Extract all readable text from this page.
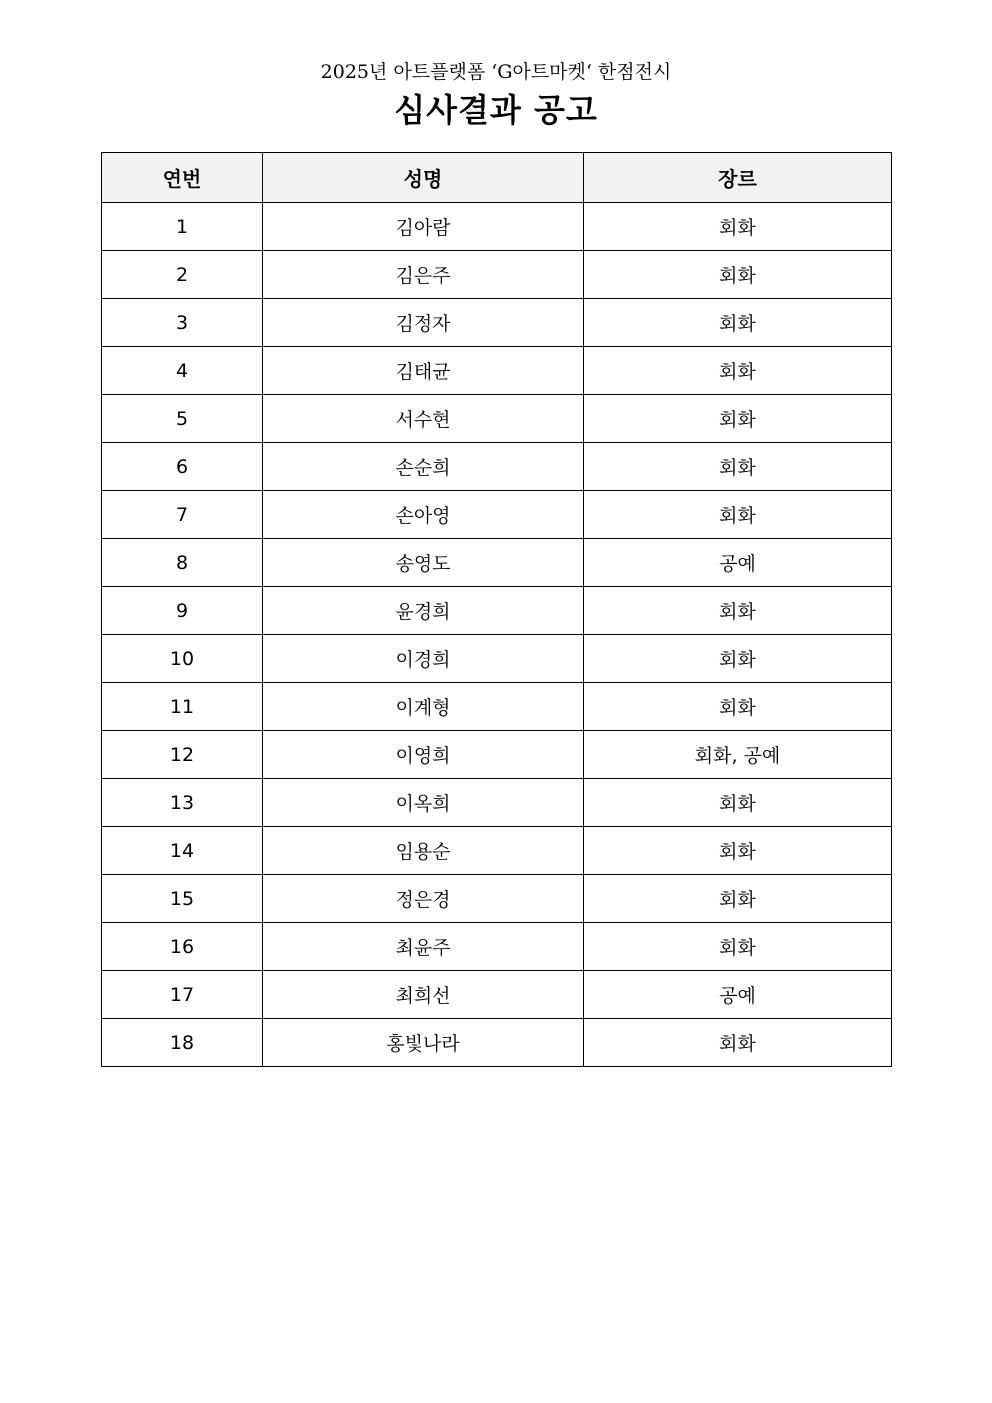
2025년 아트플랫폼 ‘G아트마켓‘ 한점전시
심사결과 공고
연번	성명	장르
1	김아람	회화
2	김은주	회화
3	김정자	회화
4	김태균	회화
5	서수현	회화
6	손순희	회화
7	손아영	회화
8	송영도	공예
9	윤경희	회화
10	이경희	회화
11	이계형	회화
12	이영희	회화, 공예
13	이옥희	회화
14	임용순	회화
15	정은경	회화
16	최윤주	회화
17	최희선	공예
18	홍빛나라	회화
